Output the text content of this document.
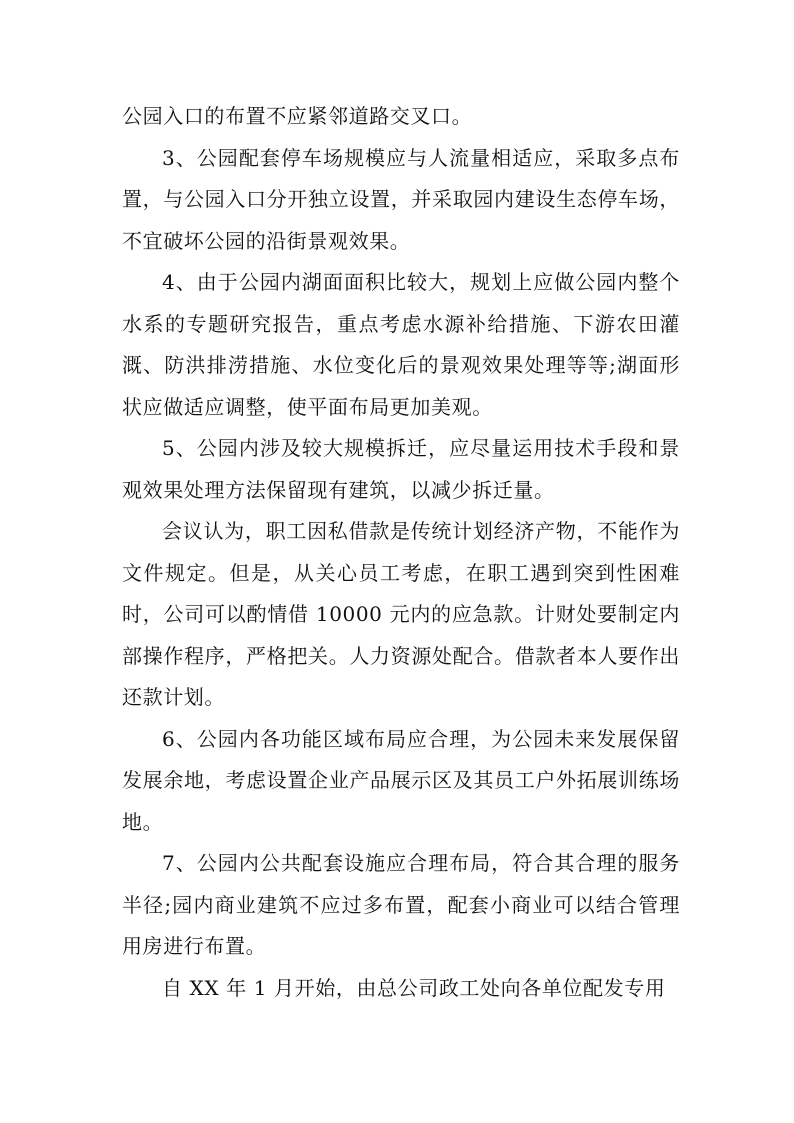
公园入口的布置不应紧邻道路交叉口。

3、公园配套停车场规模应与人流量相适应，采取多点布置，与公园入口分开独立设置，并采取园内建设生态停车场，不宜破坏公园的沿街景观效果。

4、由于公园内湖面面积比较大，规划上应做公园内整个水系的专题研究报告，重点考虑水源补给措施、下游农田灌溉、防洪排涝措施、水位变化后的景观效果处理等等;湖面形状应做适应调整，使平面布局更加美观。

5、公园内涉及较大规模拆迁，应尽量运用技术手段和景观效果处理方法保留现有建筑，以减少拆迁量。

会议认为，职工因私借款是传统计划经济产物，不能作为文件规定。但是，从关心员工考虑，在职工遇到突到性困难时，公司可以酌情借 10000 元内的应急款。计财处要制定内部操作程序，严格把关。人力资源处配合。借款者本人要作出还款计划。

6、公园内各功能区域布局应合理，为公园未来发展保留发展余地，考虑设置企业产品展示区及其员工户外拓展训练场地。

7、公园内公共配套设施应合理布局，符合其合理的服务半径;园内商业建筑不应过多布置，配套小商业可以结合管理用房进行布置。

自 XX 年 1 月开始，由总公司政工处向各单位配发专用
